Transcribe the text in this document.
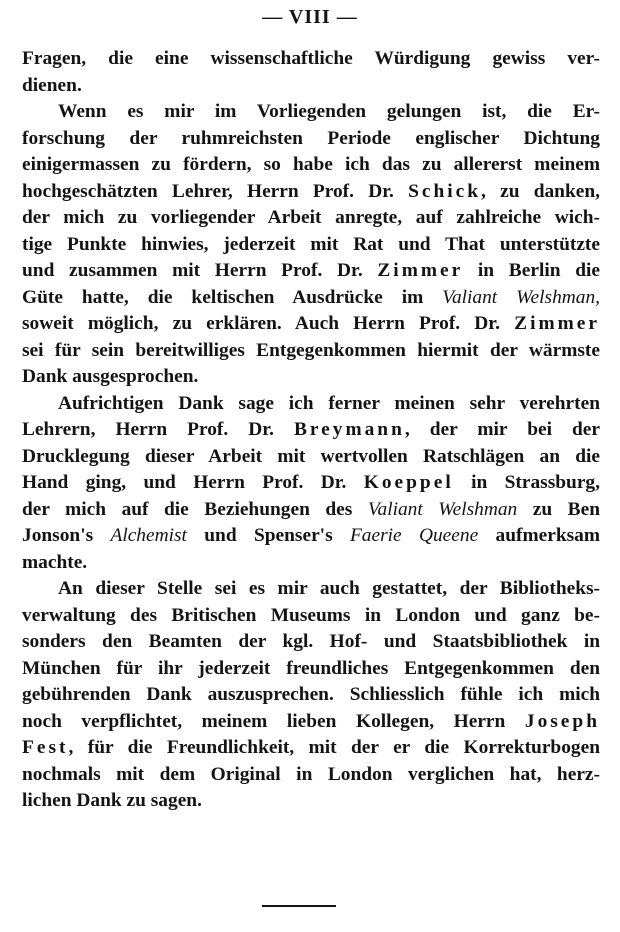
— VIII —
Fragen, die eine wissenschaftliche Würdigung gewiss ver-
dienen.
Wenn es mir im Vorliegenden gelungen ist, die Er-
forschung der ruhmreichsten Periode englischer Dichtung
einigermassen zu fördern, so habe ich das zu allererst meinem
hochgeschätzten Lehrer, Herrn Prof. Dr. Schick, zu danken,
der mich zu vorliegender Arbeit anregte, auf zahlreiche wich-
tige Punkte hinwies, jederzeit mit Rat und That unterstützte
und zusammen mit Herrn Prof. Dr. Zimmer in Berlin die
Güte hatte, die keltischen Ausdrücke im Valiant Welshman,
soweit möglich, zu erklären. Auch Herrn Prof. Dr. Zimmer
sei für sein bereitwilliges Entgegenkommen hiermit der wärmste
Dank ausgesprochen.
Aufrichtigen Dank sage ich ferner meinen sehr verehrten
Lehrern, Herrn Prof. Dr. Breymann, der mir bei der
Drucklegung dieser Arbeit mit wertvollen Ratschlägen an die
Hand ging, und Herrn Prof. Dr. Koeppel in Strassburg,
der mich auf die Beziehungen des Valiant Welshman zu Ben
Jonson's Alchemist und Spenser's Faerie Queene aufmerksam
machte.
An dieser Stelle sei es mir auch gestattet, der Bibliotheks-
verwaltung des Britischen Museums in London und ganz be-
sonders den Beamten der kgl. Hof- und Staatsbibliothek in
München für ihr jederzeit freundliches Entgegenkommen den
gebührenden Dank auszusprechen. Schliesslich fühle ich mich
noch verpflichtet, meinem lieben Kollegen, Herrn Joseph
Fest, für die Freundlichkeit, mit der er die Korrekturbogen
nochmals mit dem Original in London verglichen hat, herz-
lichen Dank zu sagen.
